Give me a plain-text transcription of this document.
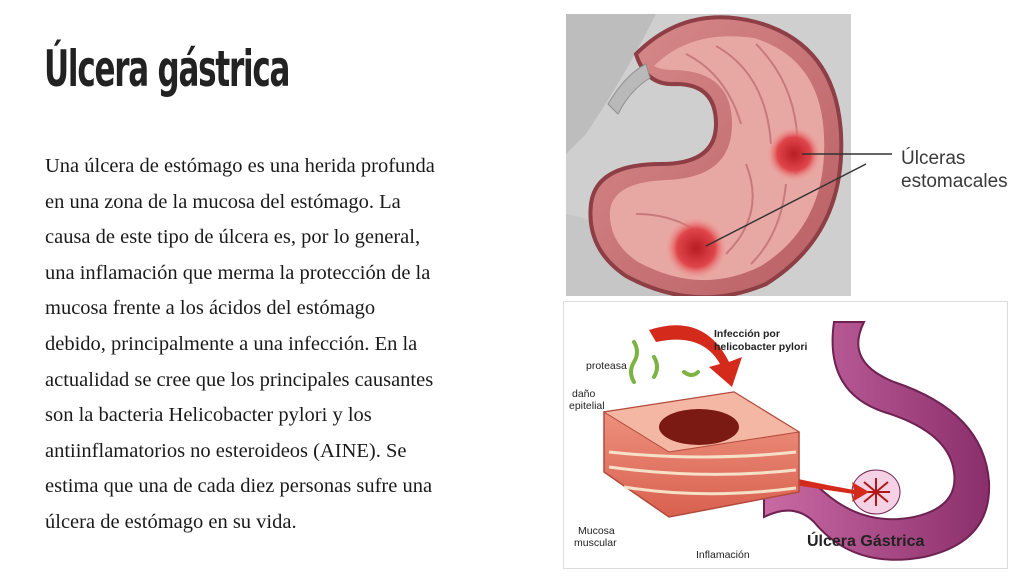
Úlcera gástrica

Una úlcera de estómago es una herida profunda
en una zona de la mucosa del estómago. La
causa de este tipo de úlcera es, por lo general,
una inflamación que merma la protección de la
mucosa frente a los ácidos del estómago
debido, principalmente a una infección. En la
actualidad se cree que los principales causantes
son la bacteria Helicobacter pylori y los
antiinflamatorios no esteroideos (AINE). Se
estima que una de cada diez personas sufre una
úlcera de estómago en su vida.

Úlceras
estomacales
Infección por
helicobacter pylori
proteasa
daño
epitelial
Mucosa
muscular
Inflamación
Úlcera Gástrica
